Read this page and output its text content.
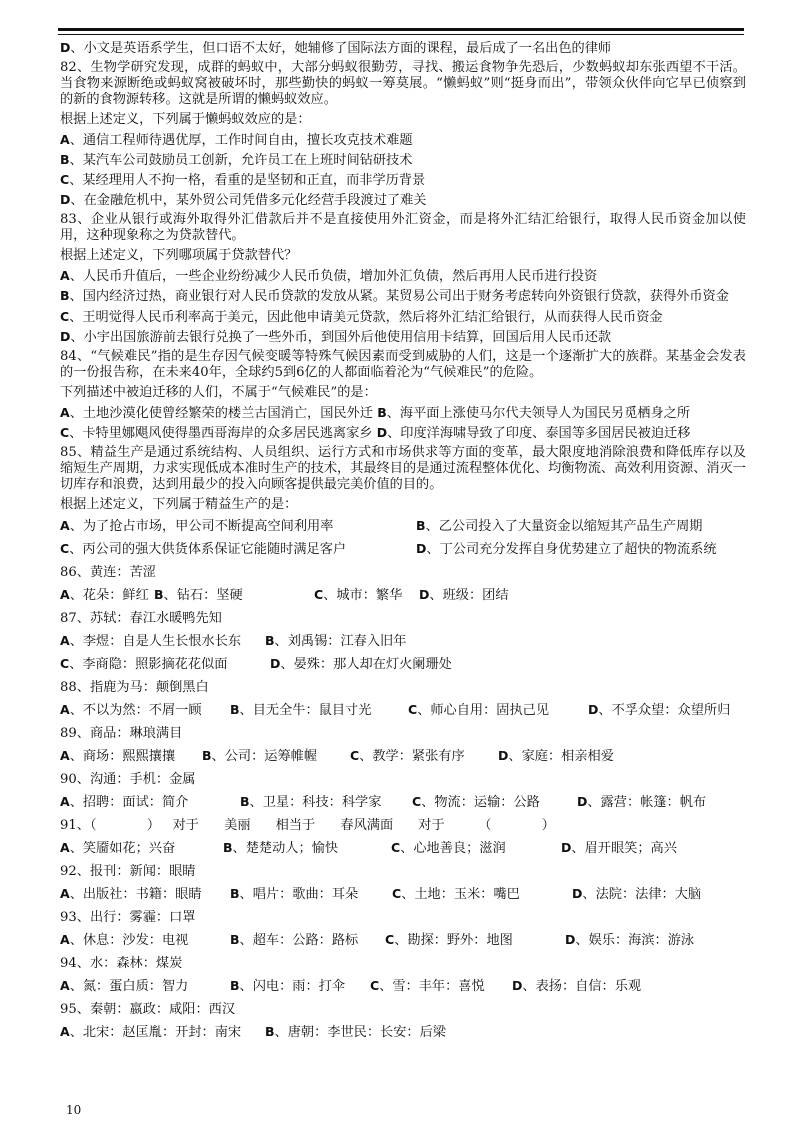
D、小文是英语系学生，但口语不太好，她辅修了国际法方面的课程，最后成了一名出色的律师

82、生物学研究发现，成群的蚂蚁中，大部分蚂蚁很勤劳，寻找、搬运食物争先恐后，少数蚂蚁却东张西望不干活。当食物来源断绝或蚂蚁窝被破坏时，那些勤快的蚂蚁一筹莫展。“懒蚂蚁”则“挺身而出”，带领众伙伴向它早已侦察到的新的食物源转移。这就是所谓的懒蚂蚁效应。

根据上述定义，下列属于懒蚂蚁效应的是：
A、通信工程师待遇优厚，工作时间自由，擅长攻克技术难题
B、某汽车公司鼓励员工创新，允许员工在上班时间钻研技术
C、某经理用人不拘一格，看重的是坚韧和正直，而非学历背景
D、在金融危机中，某外贸公司凭借多元化经营手段渡过了难关

83、企业从银行或海外取得外汇借款后并不是直接使用外汇资金，而是将外汇结汇给银行，取得人民币资金加以使用，这种现象称之为贷款替代。

根据上述定义，下列哪项属于贷款替代？
A、人民币升值后，一些企业纷纷减少人民币负债，增加外汇负债，然后再用人民币进行投资

B、国内经济过热，商业银行对人民币贷款的发放从紧。某贸易公司出于财务考虑转向外资银行贷款，获得外币资金

C、王明觉得人民币利率高于美元，因此他申请美元贷款，然后将外汇结汇给银行，从而获得人民币资金
D、小宇出国旅游前去银行兑换了一些外币，到国外后他使用信用卡结算，回国后用人民币还款

84、“气候难民”指的是生存因气候变暖等特殊气候因素而受到威胁的人们，这是一个逐渐扩大的族群。某基金会发表的一份报告称，在未来40年，全球约5到6亿的人都面临着沦为“气候难民”的危险。

下列描述中被迫迁移的人们，不属于“气候难民”的是：
A、土地沙漠化使曾经繁荣的楼兰古国消亡，国民外迁 B、海平面上涨使马尔代夫领导人为国民另觅栖身之所
C、卡特里娜飓风使得墨西哥海岸的众多居民逃离家乡 D、印度洋海啸导致了印度、泰国等多国居民被迫迁移

85、精益生产是通过系统结构、人员组织、运行方式和市场供求等方面的变革，最大限度地消除浪费和降低库存以及缩短生产周期，力求实现低成本准时生产的技术，其最终目的是通过流程整体优化、均衡物流、高效利用资源、消灭一切库存和浪费，达到用最少的投入向顾客提供最完美价值的目的。

根据上述定义，下列属于精益生产的是：
A、为了抢占市场，甲公司不断提高空间利用率	B、乙公司投入了大量资金以缩短其产品生产周期
C、丙公司的强大供货体系保证它能随时满足客户	D、丁公司充分发挥自身优势建立了超快的物流系统
86、黄连：苦涩
A、花朵：鲜红 B、钻石：坚硬	C、城市：繁华	D、班级：团结
87、苏轼：春江水暖鸭先知
A、李煜：自是人生长恨水长东	B、刘禹锡：江春入旧年
C、李商隐：照影摘花花似面	D、晏殊：那人却在灯火阑珊处
88、指鹿为马：颠倒黑白
A、不以为然：不屑一顾	B、目无全牛：鼠目寸光	C、师心自用：固执己见	D、不孚众望：众望所归
89、商品：琳琅满目
A、商场：熙熙攘攘	B、公司：运筹帷幄	C、教学：紧张有序	D、家庭：相亲相爱
90、沟通：手机：金属
A、招聘：面试：简介	B、卫星：科技：科学家	C、物流：运输：公路	D、露营：帐篷：帆布
91、（            ）   对于      美丽      相当于      春风满面      对于        （            ）
A、笑靥如花；兴奋	B、楚楚动人；愉快	C、心地善良；滋润	D、眉开眼笑；高兴
92、报刊：新闻：眼睛
A、出版社：书籍：眼睛	B、唱片：歌曲：耳朵	C、土地：玉米：嘴巴	D、法院：法律：大脑
93、出行：雾霾：口罩
A、休息：沙发：电视	B、超车：公路：路标	C、勘探：野外：地图	D、娱乐：海滨：游泳
94、水：森林：煤炭
A、氮：蛋白质：智力	B、闪电：雨：打伞	C、雪：丰年：喜悦	D、表扬：自信：乐观
95、秦朝：嬴政：咸阳：西汉
A、北宋：赵匡胤：开封：南宋	B、唐朝：李世民：长安：后梁
10
